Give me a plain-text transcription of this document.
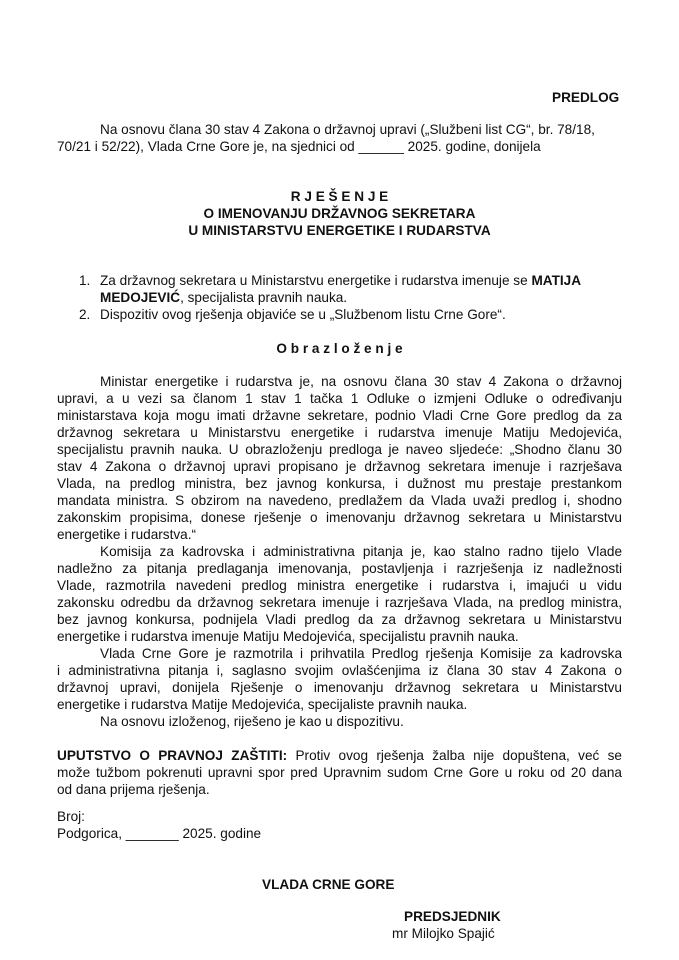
PREDLOG
Na osnovu člana 30 stav 4 Zakona o državnoj upravi („Službeni list CG“, br. 78/18,
70/21 i 52/22), Vlada Crne Gore je, na sjednici od ______ 2025. godine, donijela
R J E Š E N J E
O IMENOVANJU DRŽAVNOG SEKRETARA
U MINISTARSTVU ENERGETIKE I RUDARSTVA
1. Za državnog sekretara u Ministarstvu energetike i rudarstva imenuje se MATIJA
MEDOJEVIĆ, specijalista pravnih nauka.
2. Dispozitiv ovog rješenja objaviće se u „Službenom listu Crne Gore“.
O b r a z l o ž e n j e
Ministar energetike i rudarstva je, na osnovu člana 30 stav 4 Zakona o državnoj
upravi, a u vezi sa članom 1 stav 1 tačka 1 Odluke o izmjeni Odluke o određivanju
ministarstava koja mogu imati državne sekretare, podnio Vladi Crne Gore predlog da za
državnog sekretara u Ministarstvu energetike i rudarstva imenuje Matiju Medojevića,
specijalistu pravnih nauka. U obrazloženju predloga je naveo sljedeće: „Shodno članu 30
stav 4 Zakona o državnoj upravi propisano je državnog sekretara imenuje i razrješava
Vlada, na predlog ministra, bez javnog konkursa, i dužnost mu prestaje prestankom
mandata ministra. S obzirom na navedeno, predlažem da Vlada uvaži predlog i, shodno
zakonskim propisima, donese rješenje o imenovanju državnog sekretara u Ministarstvu
energetike i rudarstva.“
Komisija za kadrovska i administrativna pitanja je, kao stalno radno tijelo Vlade
nadležno za pitanja predlaganja imenovanja, postavljenja i razrješenja iz nadležnosti
Vlade, razmotrila navedeni predlog ministra energetike i rudarstva i, imajući u vidu
zakonsku odredbu da državnog sekretara imenuje i razrješava Vlada, na predlog ministra,
bez javnog konkursa, podnijela Vladi predlog da za državnog sekretara u Ministarstvu
energetike i rudarstva imenuje Matiju Medojevića, specijalistu pravnih nauka.
Vlada Crne Gore je razmotrila i prihvatila Predlog rješenja Komisije za kadrovska
i administrativna pitanja i, saglasno svojim ovlašćenjima iz člana 30 stav 4 Zakona o
državnoj upravi, donijela Rješenje o imenovanju državnog sekretara u Ministarstvu
energetike i rudarstva Matije Medojevića, specijaliste pravnih nauka.
Na osnovu izloženog, riješeno je kao u dispozitivu.
UPUTSTVO O PRAVNOJ ZAŠTITI: Protiv ovog rješenja žalba nije dopuštena, već se
može tužbom pokrenuti upravni spor pred Upravnim sudom Crne Gore u roku od 20 dana
od dana prijema rješenja.
Broj:
Podgorica, _______ 2025. godine
VLADA CRNE GORE
PREDSJEDNIK
mr Milojko Spajić
